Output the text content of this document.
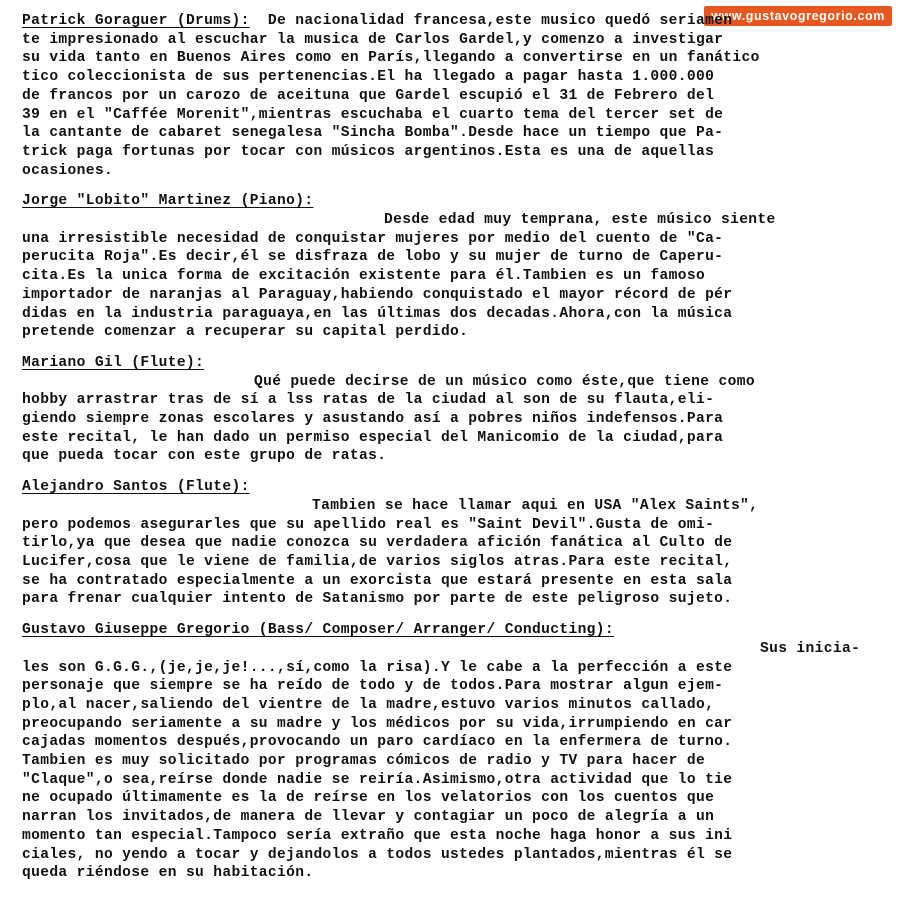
www.gustavogregorio.com
Patrick Goraguer (Drums):  De nacionalidad francesa,este musico quedó seriamen
te impresionado al escuchar la musica de Carlos Gardel,y comenzo a investigar
su vida tanto en Buenos Aires como en París,llegando a convertirse en un fanático
tico coleccionista de sus pertenencias.El ha llegado a pagar hasta 1.000.000
de francos por un carozo de aceituna que Gardel escupió el 31 de Febrero del
39 en el "Caffée Morenit",mientras escuchaba el cuarto tema del tercer set de
la cantante de cabaret senegalesa "Sincha Bomba".Desde hace un tiempo que Pa-
trick paga fortunas por tocar con músicos argentinos.Esta es una de aquellas
ocasiones.
Jorge "Lobito" Martinez (Piano):
Desde edad muy temprana, este músico siente
una irresistible necesidad de conquistar mujeres por medio del cuento de "Ca-
perucita Roja".Es decir,él se disfraza de lobo y su mujer de turno de Caperu-
cita.Es la unica forma de excitación existente para él.Tambien es un famoso
importador de naranjas al Paraguay,habiendo conquistado el mayor récord de pér
didas en la industria paraguaya,en las últimas dos decadas.Ahora,con la música
pretende comenzar a recuperar su capital perdido.
Mariano Gil (Flute):
Qué puede decirse de un músico como éste,que tiene como
hobby arrastrar tras de sí a lss ratas de la ciudad al son de su flauta,eli-
giendo siempre zonas escolares y asustando así a pobres niños indefensos.Para
este recital, le han dado un permiso especial del Manicomio de la ciudad,para
que pueda tocar con este grupo de ratas.
Alejandro Santos (Flute):
Tambien se hace llamar aqui en USA "Alex Saints",
pero podemos asegurarles que su apellido real es "Saint Devil".Gusta de omi-
tirlo,ya que desea que nadie conozca su verdadera afición fanática al Culto de
Lucifer,cosa que le viene de familia,de varios siglos atras.Para este recital,
se ha contratado especialmente a un exorcista que estará presente en esta sala
para frenar cualquier intento de Satanismo por parte de este peligroso sujeto.
Gustavo Giuseppe Gregorio (Bass/ Composer/ Arranger/ Conducting):
Sus inicia-
les son G.G.G.,(je,je,je!...,sí,como la risa).Y le cabe a la perfección a este
personaje que siempre se ha reído de todo y de todos.Para mostrar algun ejem-
plo,al nacer,saliendo del vientre de la madre,estuvo varios minutos callado,
preocupando seriamente a su madre y los médicos por su vida,irrumpiendo en car
cajadas momentos después,provocando un paro cardíaco en la enfermera de turno.
Tambien es muy solicitado por programas cómicos de radio y TV para hacer de
"Claque",o sea,reírse donde nadie se reiría.Asimismo,otra actividad que lo tie
ne ocupado últimamente es la de reírse en los velatorios con los cuentos que
narran los invitados,de manera de llevar y contagiar un poco de alegría a un
momento tan especial.Tampoco sería extraño que esta noche haga honor a sus ini
ciales, no yendo a tocar y dejandolos a todos ustedes plantados,mientras él se
queda riéndose en su habitación.
